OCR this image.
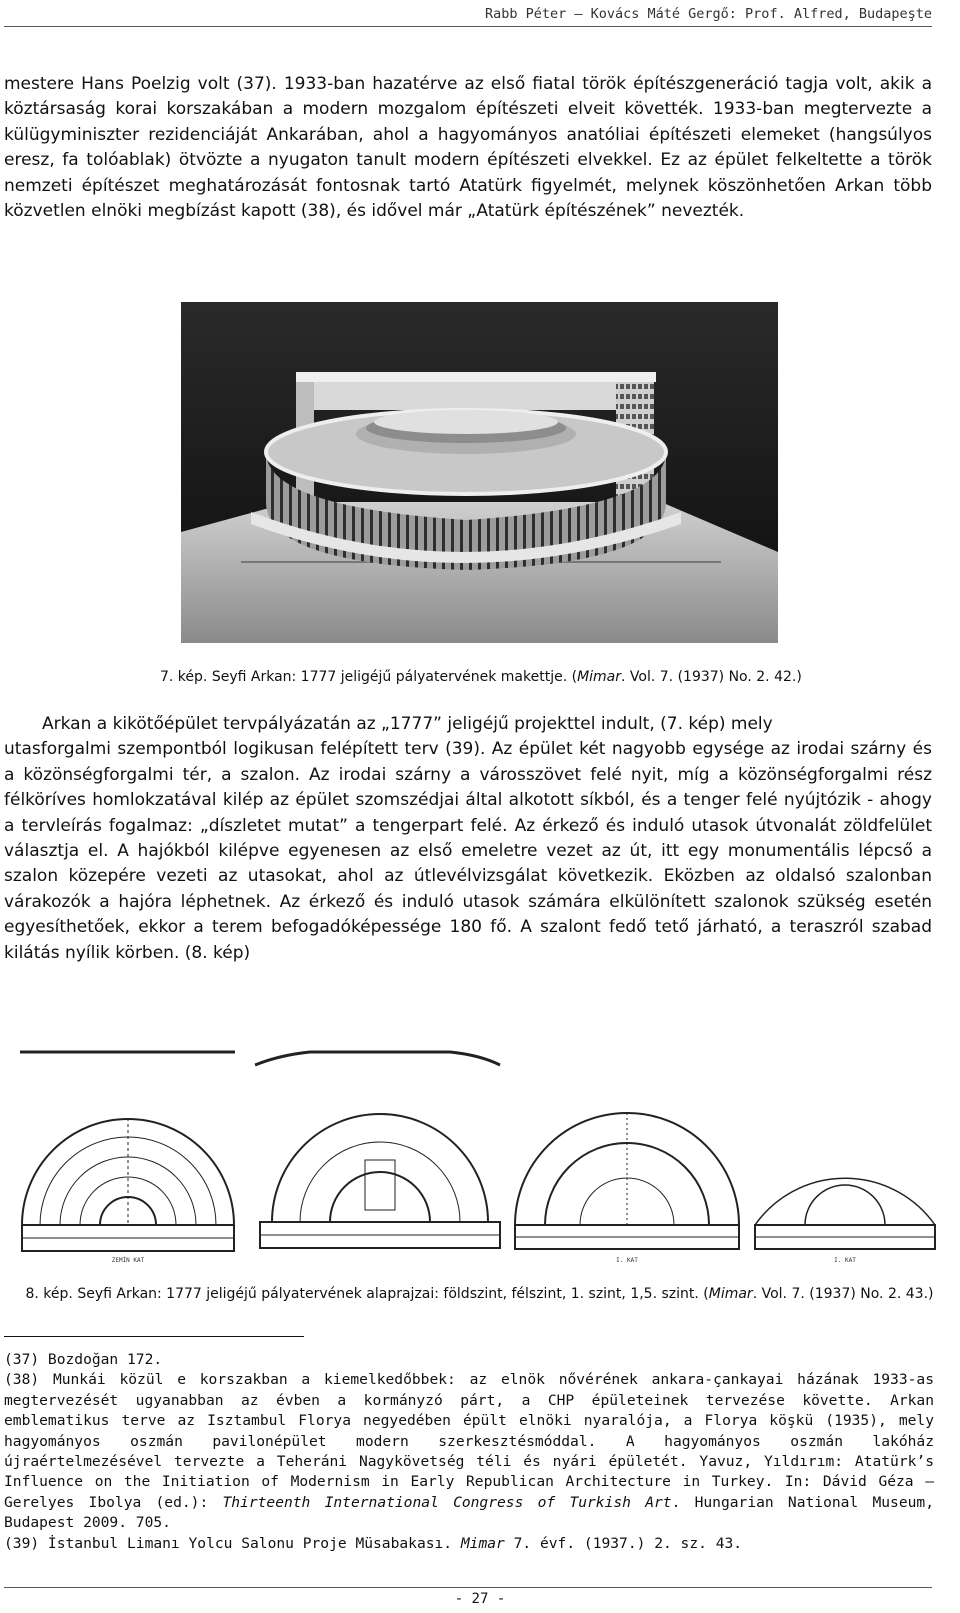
Rabb Péter – Kovács Máté Gergő: Prof. Alfred, Budapeşte
mestere Hans Poelzig volt (37). 1933-ban hazatérve az első fiatal török építészgeneráció tagja volt, akik a köztársaság korai korszakában a modern mozgalom építészeti elveit követték. 1933-ban megtervezte a külügyminiszter rezidenciáját Ankarában, ahol a hagyományos anatóliai építészeti elemeket (hangsúlyos eresz, fa tolóablak) ötvözte a nyugaton tanult modern építészeti elvekkel. Ez az épület felkeltette a török nemzeti építészet meghatározását fontosnak tartó Atatürk figyelmét, melynek köszönhetően Arkan több közvetlen elnöki megbízást kapott (38), és idővel már „Atatürk építészének” nevezték.
7. kép. Seyfi Arkan: 1777 jeligéjű pályatervének makettje. (Mimar. Vol. 7. (1937) No. 2. 42.)
Arkan a kikötőépület tervpályázatán az „1777” jeligéjű projekttel indult, (7. kép) mely
utasforgalmi szempontból logikusan felépített terv (39). Az épület két nagyobb egysége az irodai szárny és a közönségforgalmi tér, a szalon. Az irodai szárny a városszövet felé nyit, míg a közönségforgalmi rész félköríves homlokzatával kilép az épület szomszédjai által alkotott síkból, és a tenger felé nyújtózik - ahogy a tervleírás fogalmaz: „díszletet mutat” a tengerpart felé. Az érkező és induló utasok útvonalát zöldfelület választja el. A hajókból kilépve egyenesen az első emeletre vezet az út, itt egy monumentális lépcső a szalon közepére vezeti az utasokat, ahol az útlevélvizsgálat következik. Eközben az oldalsó szalonban várakozók a hajóra léphetnek. Az érkező és induló utasok számára elkülönített szalonok szükség esetén egyesíthetőek, ekkor a terem befogadóképessége 180 fő. A szalont fedő tető járható, a teraszról szabad kilátás nyílik körben. (8. kép)
ZEMİN KAT	I. KAT	I. KAT
8. kép. Seyfi Arkan: 1777 jeligéjű pályatervének alaprajzai: földszint, félszint, 1. szint, 1,5. szint. (Mimar. Vol. 7. (1937) No. 2. 43.)

(37) Bozdoğan 172.

(38) Munkái közül e korszakban a kiemelkedőbbek: az elnök nővérének ankara-çankayai házának 1933-as megtervezését ugyanabban az évben a kormányzó párt, a CHP épületeinek tervezése követte. Arkan emblematikus terve az Isztambul Florya negyedében épült elnöki nyaralója, a Florya köşkü (1935), mely hagyományos oszmán pavilonépület modern szerkesztésmóddal. A hagyományos oszmán lakóház újraértelmezésével tervezte a Teheráni Nagykövetség téli és nyári épületét. Yavuz, Yıldırım: Atatürk’s Influence on the Initiation of Modernism in Early Republican Architecture in Turkey. In: Dávid Géza – Gerelyes Ibolya (ed.): Thirteenth International Congress of Turkish Art. Hungarian National Museum, Budapest 2009. 705.

(39) İstanbul Limanı Yolcu Salonu Proje Müsabakası. Mimar 7. évf. (1937.) 2. sz. 43.

- 27 -
